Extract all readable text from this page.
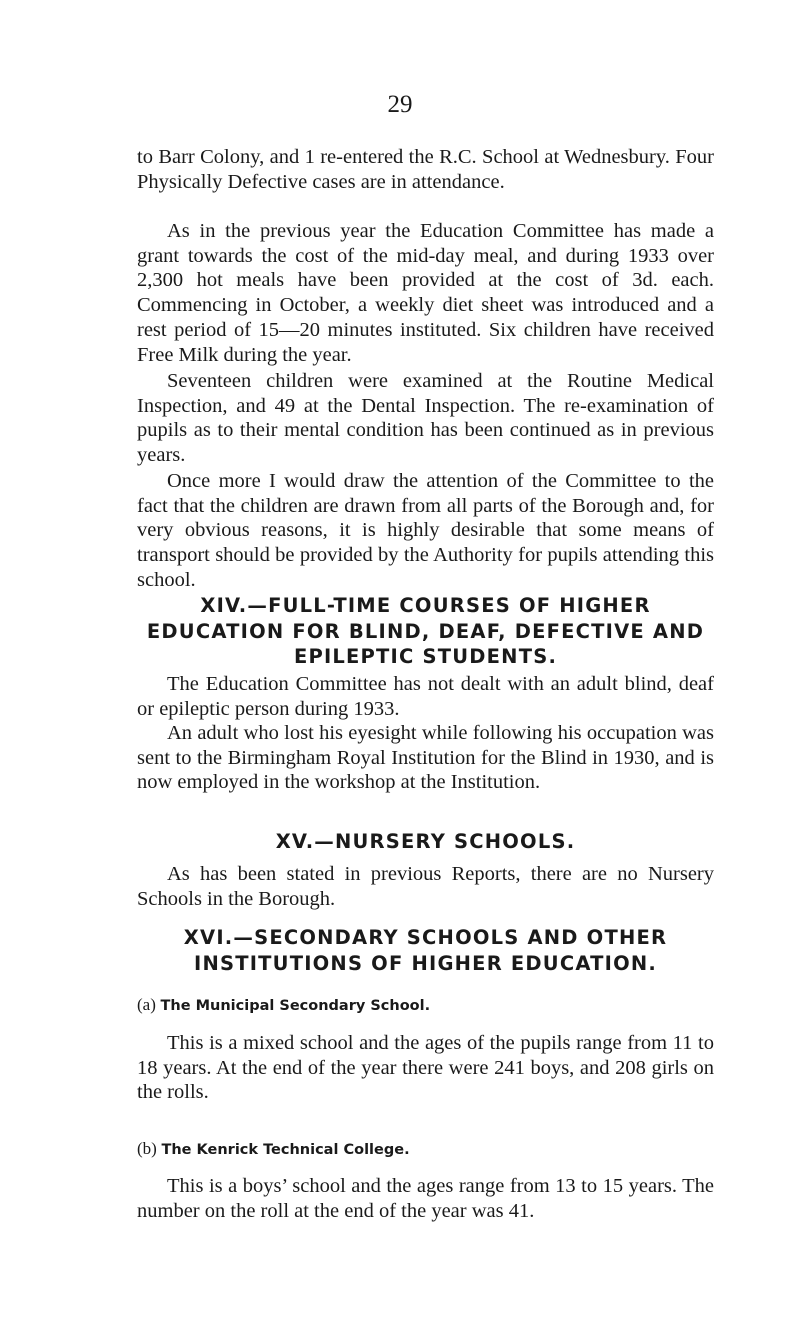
29

to Barr Colony, and 1 re-entered the R.C. School at Wednesbury. Four Physically Defective cases are in attendance.

As in the previous year the Education Committee has made a grant towards the cost of the mid-day meal, and during 1933 over 2,300 hot meals have been provided at the cost of 3d. each. Commencing in October, a weekly diet sheet was introduced and a rest period of 15—20 minutes instituted. Six children have received Free Milk during the year.

Seventeen children were examined at the Routine Medical Inspection, and 49 at the Dental Inspection. The re-examination of pupils as to their mental condition has been continued as in previous years.

Once more I would draw the attention of the Committee to the fact that the children are drawn from all parts of the Borough and, for very obvious reasons, it is highly desirable that some means of transport should be provided by the Authority for pupils attending this school.

XIV.—FULL-TIME COURSES OF HIGHER EDUCATION FOR BLIND, DEAF, DEFECTIVE AND EPILEPTIC STUDENTS.

The Education Committee has not dealt with an adult blind, deaf or epileptic person during 1933.

An adult who lost his eyesight while following his occupation was sent to the Birmingham Royal Institution for the Blind in 1930, and is now employed in the workshop at the Institution.

XV.—NURSERY SCHOOLS.

As has been stated in previous Reports, there are no Nursery Schools in the Borough.

XVI.—SECONDARY SCHOOLS AND OTHER INSTITUTIONS OF HIGHER EDUCATION.
(a) The Municipal Secondary School.

This is a mixed school and the ages of the pupils range from 11 to 18 years. At the end of the year there were 241 boys, and 208 girls on the rolls.

(b) The Kenrick Technical College.

This is a boys’ school and the ages range from 13 to 15 years. The number on the roll at the end of the year was 41.
